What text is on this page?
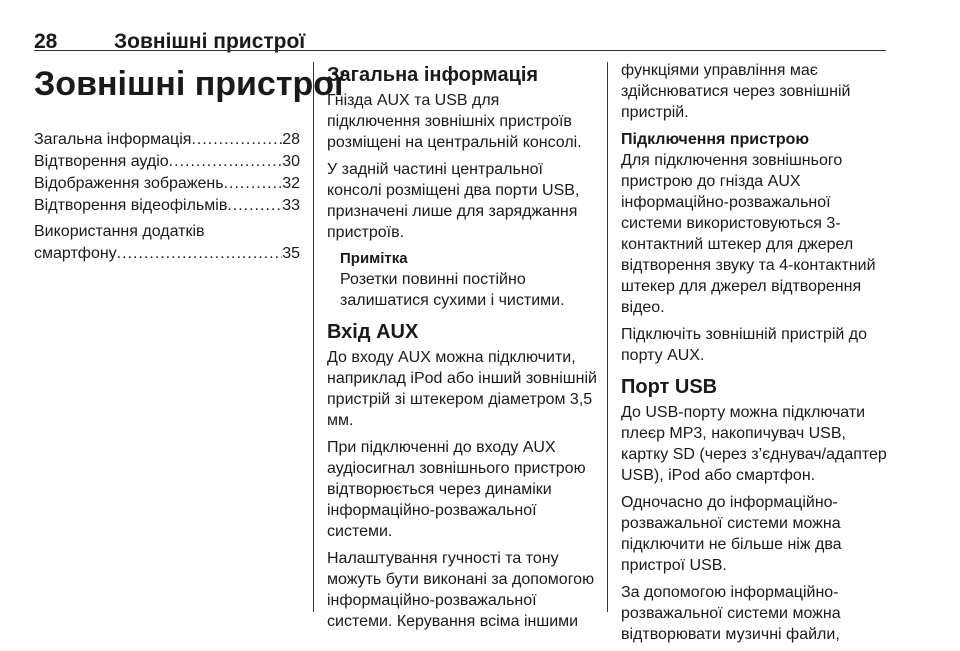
28	Зовнішні пристрої
Зовнішні пристрої
Загальна інформація .....	28
Відтворення аудіо .....	30
Відображення зображень .....	32
Відтворення відеофільмів .....	33
Використання додатків
смартфону .....	35
Загальна інформація

Гнізда AUX та USB для підключення зовнішніх пристроїв розміщені на центральній консолі.

У задній частині центральної консолі розміщені два порти USB, призначені лише для заряджання пристроїв.

Примітка
Розетки повинні постійно залишатися сухими і чистими.
Вхід AUX

До входу AUX можна підключити, наприклад iPod або інший зовнішній пристрій зі штекером діаметром 3,5 мм.

При підключенні до входу AUX аудіосигнал зовнішнього пристрою відтворюється через динаміки інформаційно-розважальної системи.

Налаштування гучності та тону можуть бути виконані за допомогою інформаційно-розважальної системи. Керування всіма іншими

функціями управління має здійснюватися через зовнішній пристрій.

Підключення пристрою

Для підключення зовнішнього пристрою до гнізда AUX інформаційно-розважальної системи використовуються 3-контактний штекер для джерел відтворення звуку та 4-контактний штекер для джерел відтворення відео.

Підключіть зовнішній пристрій до порту AUX.

Порт USB

До USB-порту можна підключати плеєр MP3, накопичувач USB, картку SD (через з’єднувач/адаптер USB), iPod або смартфон.

Одночасно до інформаційно-розважальної системи можна підключити не більше ніж два пристрої USB.

За допомогою інформаційно-розважальної системи можна відтворювати музичні файли,
